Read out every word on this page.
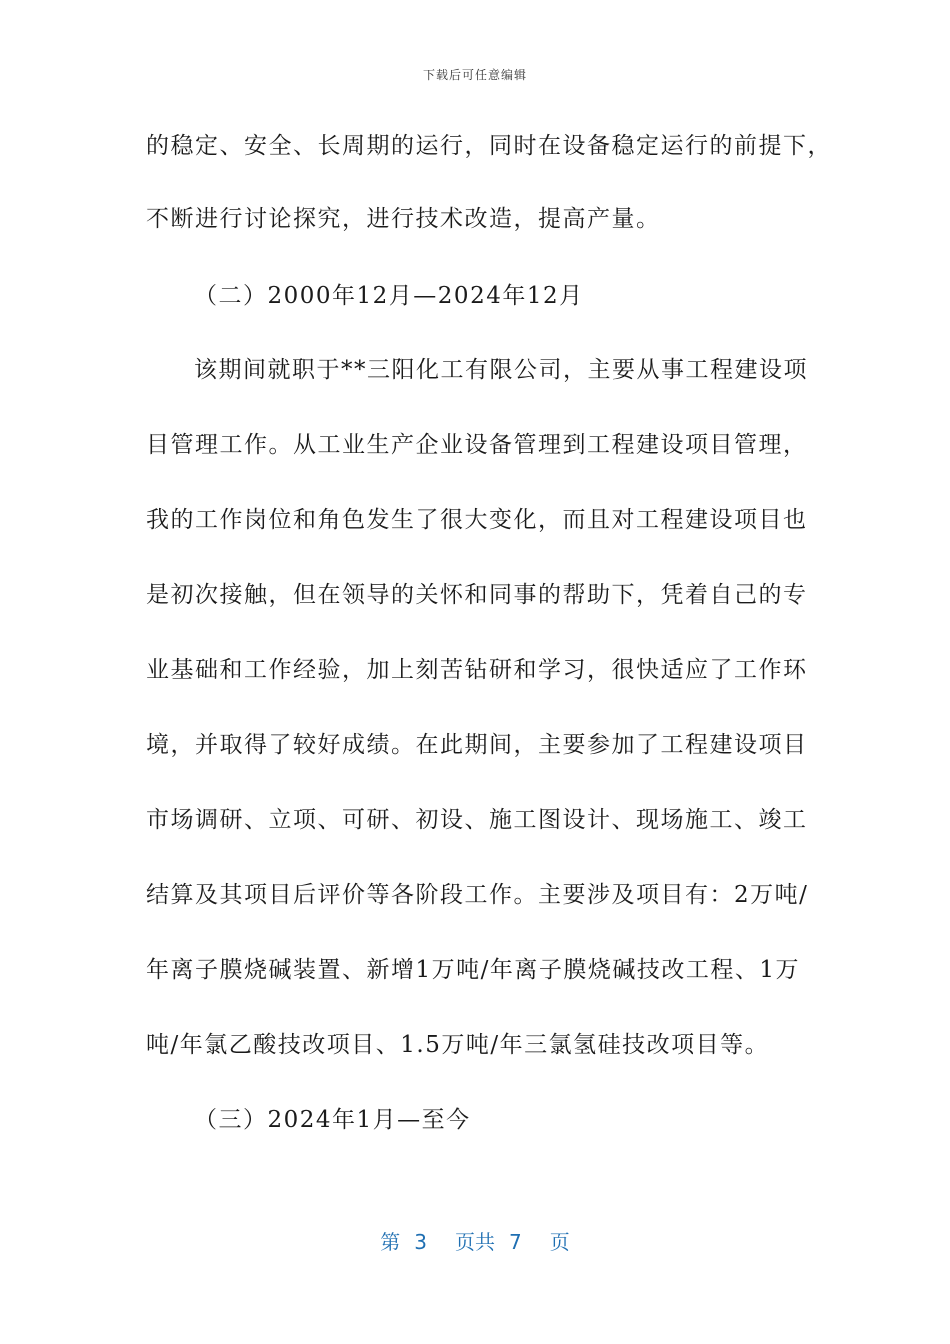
下载后可任意编辑
的稳定、安全、长周期的运行，同时在设备稳定运行的前提下，
不断进行讨论探究，进行技术改造，提高产量。
（二）2000年12月—2024年12月
该期间就职于**三阳化工有限公司，主要从事工程建设项
目管理工作。从工业生产企业设备管理到工程建设项目管理，
我的工作岗位和角色发生了很大变化，而且对工程建设项目也
是初次接触，但在领导的关怀和同事的帮助下，凭着自己的专
业基础和工作经验，加上刻苦钻研和学习，很快适应了工作环
境，并取得了较好成绩。在此期间，主要参加了工程建设项目
市场调研、立项、可研、初设、施工图设计、现场施工、竣工
结算及其项目后评价等各阶段工作。主要涉及项目有：2万吨/
年离子膜烧碱装置、新增1万吨/年离子膜烧碱技改工程、1万
吨/年氯乙酸技改项目、1.5万吨/年三氯氢硅技改项目等。
（三）2024年1月—至今
第 3 页共 7 页
